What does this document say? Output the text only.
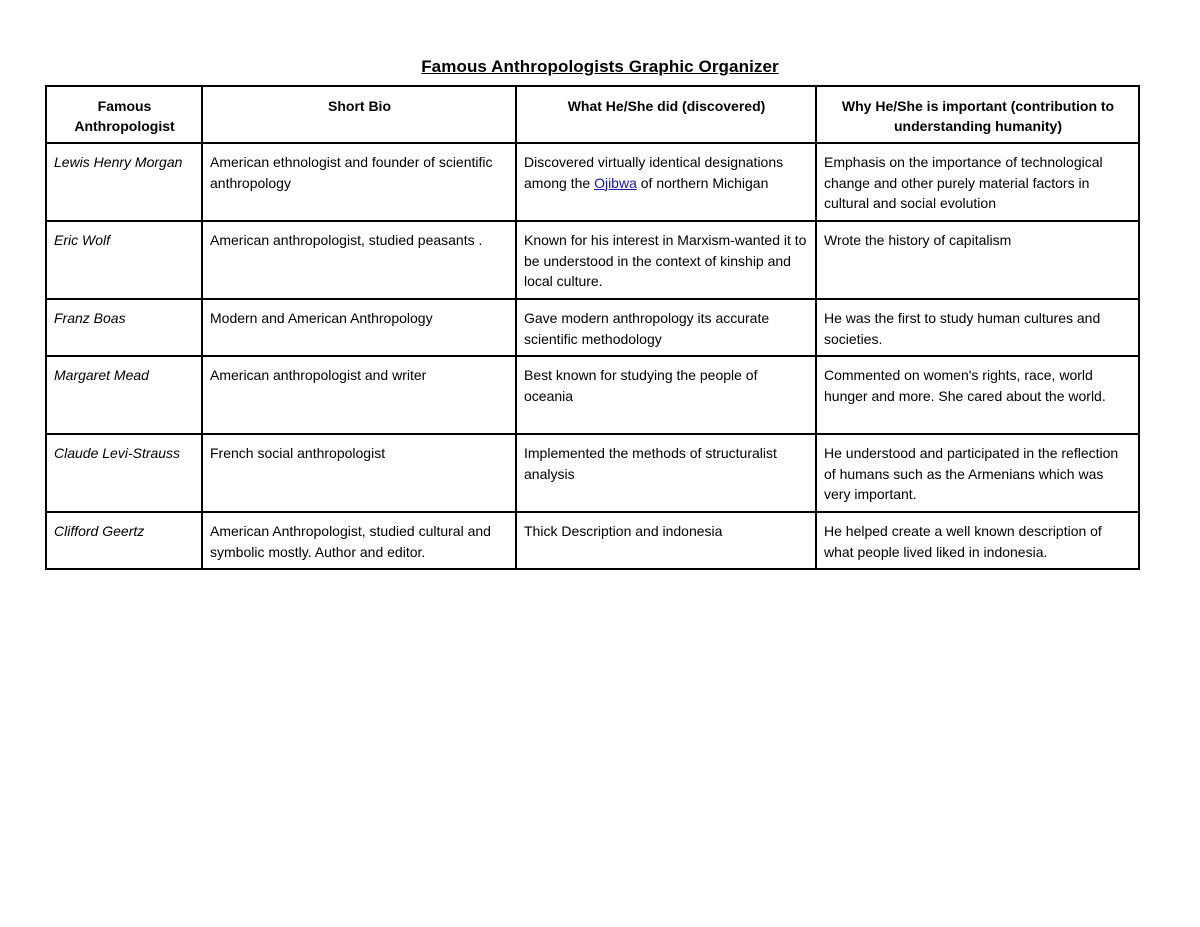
Famous Anthropologists Graphic Organizer
Famous Anthropologist	Short Bio	What He/She did (discovered)	Why He/She is important (contribution to understanding humanity)
Lewis Henry Morgan	American ethnologist and founder of scientific anthropology	Discovered virtually identical designations among the Ojibwa of northern Michigan	Emphasis on the importance of technological change and other purely material factors in cultural and social evolution
Eric Wolf	American anthropologist, studied peasants .	Known for his interest in Marxism-wanted it to be understood in the context of kinship and local culture.	Wrote the history of capitalism
Franz Boas	Modern and American Anthropology	Gave modern anthropology its accurate scientific methodology	He was the first to study human cultures and societies.
Margaret Mead	American anthropologist and writer	Best known for studying the people of oceania	Commented on women's rights, race, world hunger and more. She cared about the world.
Claude Levi-Strauss	French social anthropologist	Implemented the methods of structuralist analysis	He understood and participated in the reflection of humans such as the Armenians which was very important.
Clifford Geertz	American Anthropologist, studied cultural and symbolic mostly. Author and editor.	Thick Description and indonesia	He helped create a well known description of what people lived liked in indonesia.
